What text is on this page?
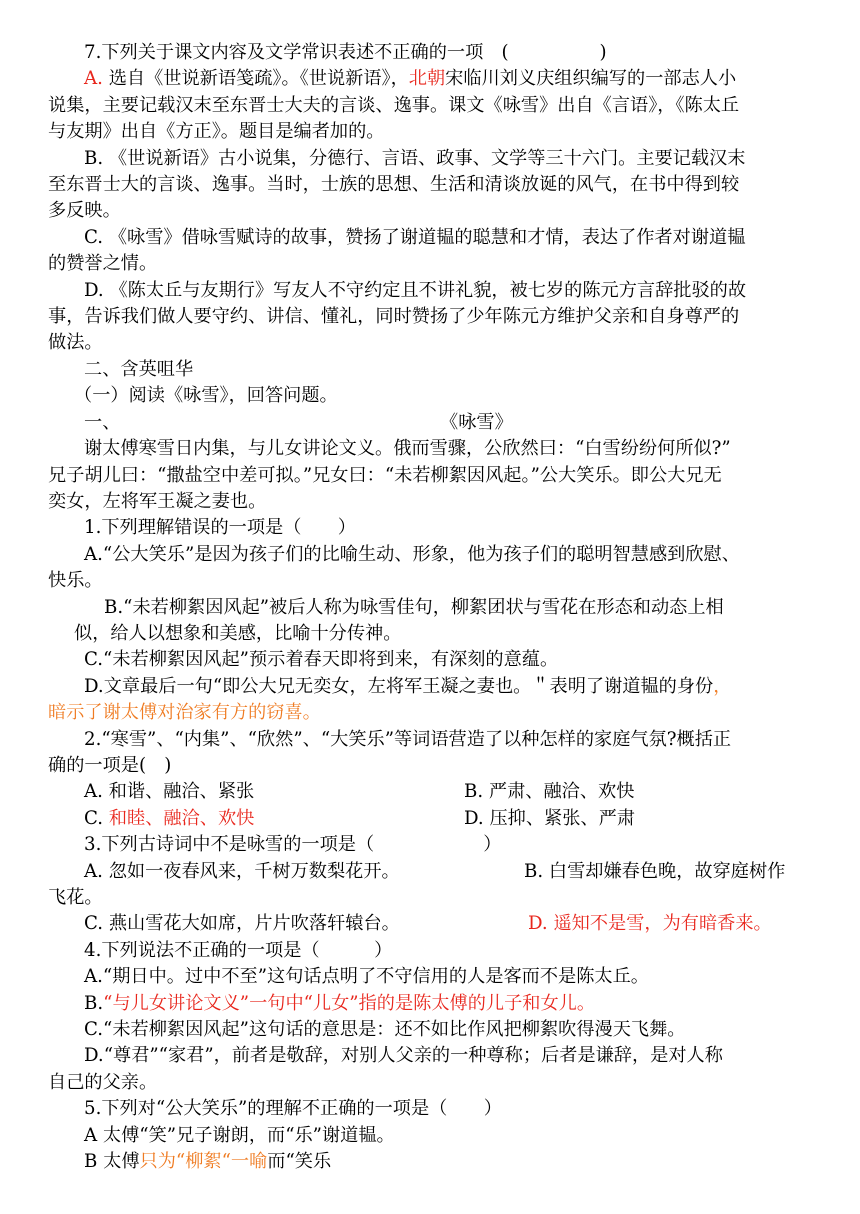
7.下列关于课文内容及文学常识表述不正确的一项　(　　　　　)

A. 选自《世说新语笺疏》。《世说新语》，北朝宋临川刘义庆组织编写的一部志人小

说集，主要记载汉末至东晋士大夫的言谈、逸事。课文《咏雪》出自《言语》，《陈太丘

与友期》出自《方正》。题目是编者加的。

B. 《世说新语》古小说集，分德行、言语、政事、文学等三十六门。主要记载汉末

至东晋士大的言谈、逸事。当时，士族的思想、生活和清谈放诞的风气，在书中得到较

多反映。

C. 《咏雪》借咏雪赋诗的故事，赞扬了谢道韫的聪慧和才情，表达了作者对谢道韫

的赞誉之情。

D. 《陈太丘与友期行》写友人不守约定且不讲礼貌，被七岁的陈元方言辞批驳的故

事，告诉我们做人要守约、讲信、懂礼，同时赞扬了少年陈元方维护父亲和自身尊严的

做法。

二、含英咀华

（一）阅读《咏雪》，回答问题。

一、	《咏雪》

谢太傅寒雪日内集，与儿女讲论文义。俄而雪骤，公欣然曰：“白雪纷纷何所似?”

兄子胡儿曰：“撒盐空中差可拟。”兄女曰：“未若柳絮因风起。”公大笑乐。即公大兄无

奕女，左将军王凝之妻也。

1.下列理解错误的一项是（　　）

A.“公大笑乐”是因为孩子们的比喻生动、形象，他为孩子们的聪明智慧感到欣慰、

快乐。

B.“未若柳絮因风起”被后人称为咏雪佳句，柳絮团状与雪花在形态和动态上相

似，给人以想象和美感，比喻十分传神。

C.“未若柳絮因风起”预示着春天即将到来，有深刻的意蕴。

D.文章最后一句“即公大兄无奕女，左将军王凝之妻也。＂表明了谢道韫的身份，

暗示了谢太傅对治家有方的窃喜。

2.“寒雪”、“内集”、“欣然”、“大笑乐”等词语营造了以种怎样的家庭气氛?概括正

确的一项是(　)

A. 和谐、融洽、紧张	B. 严肃、融洽、欢快
C. 和睦、融洽、欢快	D. 压抑、紧张、严肃

3.下列古诗词中不是咏雪的一项是（　　　　　　）

A. 忽如一夜春风来，千树万数梨花开。	B. 白雪却嫌春色晚，故穿庭树作

飞花。

C. 燕山雪花大如席，片片吹落轩辕台。	D. 遥知不是雪，为有暗香来。

4.下列说法不正确的一项是（　　　）

A.“期日中。过中不至”这句话点明了不守信用的人是客而不是陈太丘。

B.“与儿女讲论文义”一句中“儿女”指的是陈太傅的儿子和女儿。

C.“未若柳絮因风起”这句话的意思是：还不如比作风把柳絮吹得漫天飞舞。

D.“尊君”“家君”，前者是敬辞，对别人父亲的一种尊称；后者是谦辞，是对人称

自己的父亲。

5.下列对“公大笑乐”的理解不正确的一项是（　　）

A 太傅“笑”兄子谢朗，而“乐”谢道韫。

B 太傅只为“柳絮“一喻而“笑乐
